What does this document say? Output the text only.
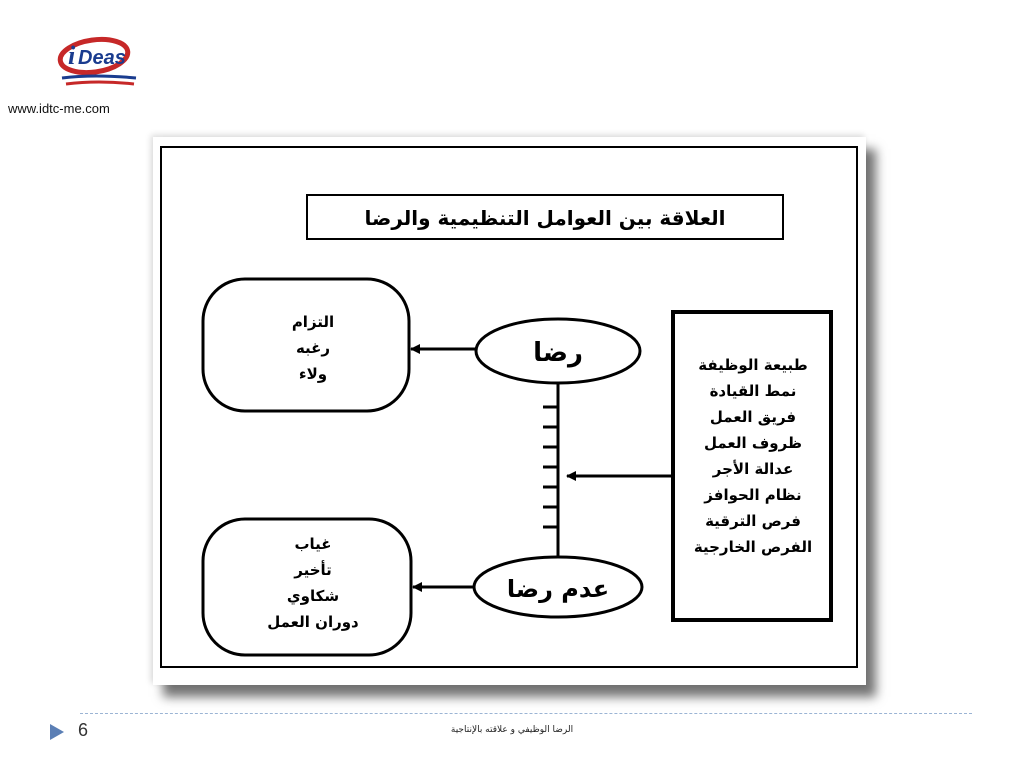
i Deas
www.idtc-me.com
العلاقة بين العوامل التنظيمية والرضا
طبيعة الوظيفة
نمط القيادة
فريق العمل
ظروف العمل
عدالة الأجر
نظام الحوافز
فرص الترقية
الفرص الخارجية
رضا
عدم رضا
التزام
رغبه
ولاء
غياب
تأخير
شكاوي
دوران العمل
6	الرضا الوظيفي و علاقته بالإنتاجية
